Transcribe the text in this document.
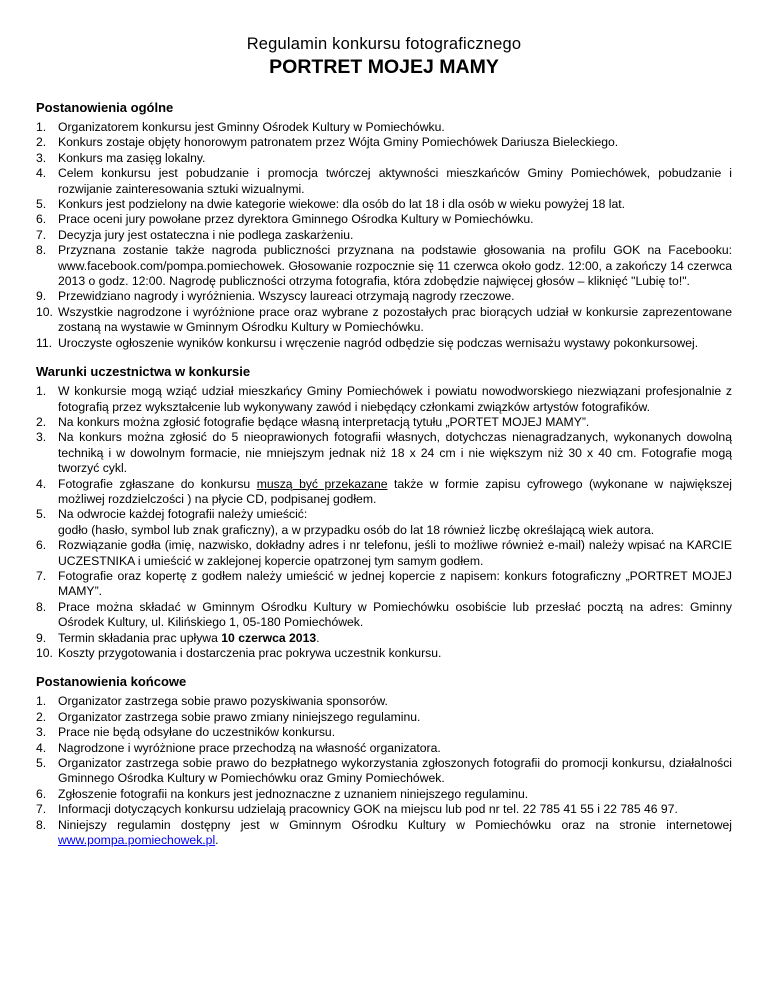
Regulamin konkursu fotograficznego
PORTRET MOJEJ MAMY
Postanowienia ogólne
1. Organizatorem konkursu jest Gminny Ośrodek Kultury w Pomiechówku.
2. Konkurs zostaje objęty honorowym patronatem przez Wójta Gminy Pomiechówek Dariusza Bieleckiego.
3. Konkurs ma zasięg lokalny.
4. Celem konkursu jest pobudzanie i promocja twórczej aktywności mieszkańców Gminy Pomiechówek, pobudzanie i rozwijanie zainteresowania sztuki wizualnymi.
5. Konkurs jest podzielony na dwie kategorie wiekowe: dla osób do lat 18 i dla osób w wieku powyżej 18 lat.
6. Prace oceni jury powołane przez dyrektora Gminnego Ośrodka Kultury w Pomiechówku.
7. Decyzja jury jest ostateczna i nie podlega zaskarżeniu.
8. Przyznana zostanie także nagroda publiczności przyznana na podstawie głosowania na profilu GOK na Facebooku: www.facebook.com/pompa.pomiechowek. Głosowanie rozpocznie się 11 czerwca około godz. 12:00, a zakończy 14 czerwca 2013 o godz. 12:00. Nagrodę publiczności otrzyma fotografia, która zdobędzie najwięcej głosów – kliknięć "Lubię to!".
9. Przewidziano nagrody i wyróżnienia. Wszyscy laureaci otrzymają nagrody rzeczowe.
10. Wszystkie nagrodzone i wyróżnione prace oraz wybrane z pozostałych prac biorących udział w konkursie zaprezentowane zostaną na wystawie w Gminnym Ośrodku Kultury w Pomiechówku.
11. Uroczyste ogłoszenie wyników konkursu i wręczenie nagród odbędzie się podczas wernisażu wystawy pokonkursowej.
Warunki uczestnictwa w konkursie
1. W konkursie mogą wziąć udział mieszkańcy Gminy Pomiechówek i powiatu nowodworskiego niezwiązani profesjonalnie z fotografią przez wykształcenie lub wykonywany zawód i niebędący członkami związków artystów fotografików.
2. Na konkurs można zgłosić fotografie będące własną interpretacją tytułu „PORTET MOJEJ MAMY”.
3. Na konkurs można zgłosić do 5 nieoprawionych fotografii własnych, dotychczas nienagradzanych, wykonanych dowolną techniką i w dowolnym formacie, nie mniejszym jednak niż 18 x 24 cm i nie większym niż 30 x 40 cm. Fotografie mogą tworzyć cykl.
4. Fotografie zgłaszane do konkursu muszą być przekazane także w formie zapisu cyfrowego (wykonane w największej możliwej rozdzielczości ) na płycie CD, podpisanej godłem.
5. Na odwrocie każdej fotografii należy umieścić:
godło (hasło, symbol lub znak graficzny), a w przypadku osób do lat 18 również liczbę określającą wiek autora.
6. Rozwiązanie godła (imię, nazwisko, dokładny adres i nr telefonu, jeśli to możliwe również e-mail) należy wpisać na KARCIE UCZESTNIKA i umieścić w zaklejonej kopercie opatrzonej tym samym godłem.
7. Fotografie oraz kopertę z godłem należy umieścić w jednej kopercie z napisem: konkurs fotograficzny „PORTRET MOJEJ MAMY”.
8. Prace można składać w Gminnym Ośrodku Kultury w Pomiechówku osobiście lub przesłać pocztą na adres: Gminny Ośrodek Kultury, ul. Kilińskiego 1, 05-180 Pomiechówek.
9. Termin składania prac upływa 10 czerwca 2013.
10. Koszty przygotowania i dostarczenia prac pokrywa uczestnik konkursu.
Postanowienia końcowe
1. Organizator zastrzega sobie prawo pozyskiwania sponsorów.
2. Organizator zastrzega sobie prawo zmiany niniejszego regulaminu.
3. Prace nie będą odsyłane do uczestników konkursu.
4. Nagrodzone i wyróżnione prace przechodzą na własność organizatora.
5. Organizator zastrzega sobie prawo do bezpłatnego wykorzystania zgłoszonych fotografii do promocji konkursu, działalności Gminnego Ośrodka Kultury w Pomiechówku oraz Gminy Pomiechówek.
6. Zgłoszenie fotografii na konkurs jest jednoznaczne z uznaniem niniejszego regulaminu.
7. Informacji dotyczących konkursu udzielają pracownicy GOK na miejscu lub pod nr tel. 22 785 41 55 i 22 785 46 97.
8. Niniejszy regulamin dostępny jest w Gminnym Ośrodku Kultury w Pomiechówku oraz na stronie internetowej www.pompa.pomiechowek.pl.
